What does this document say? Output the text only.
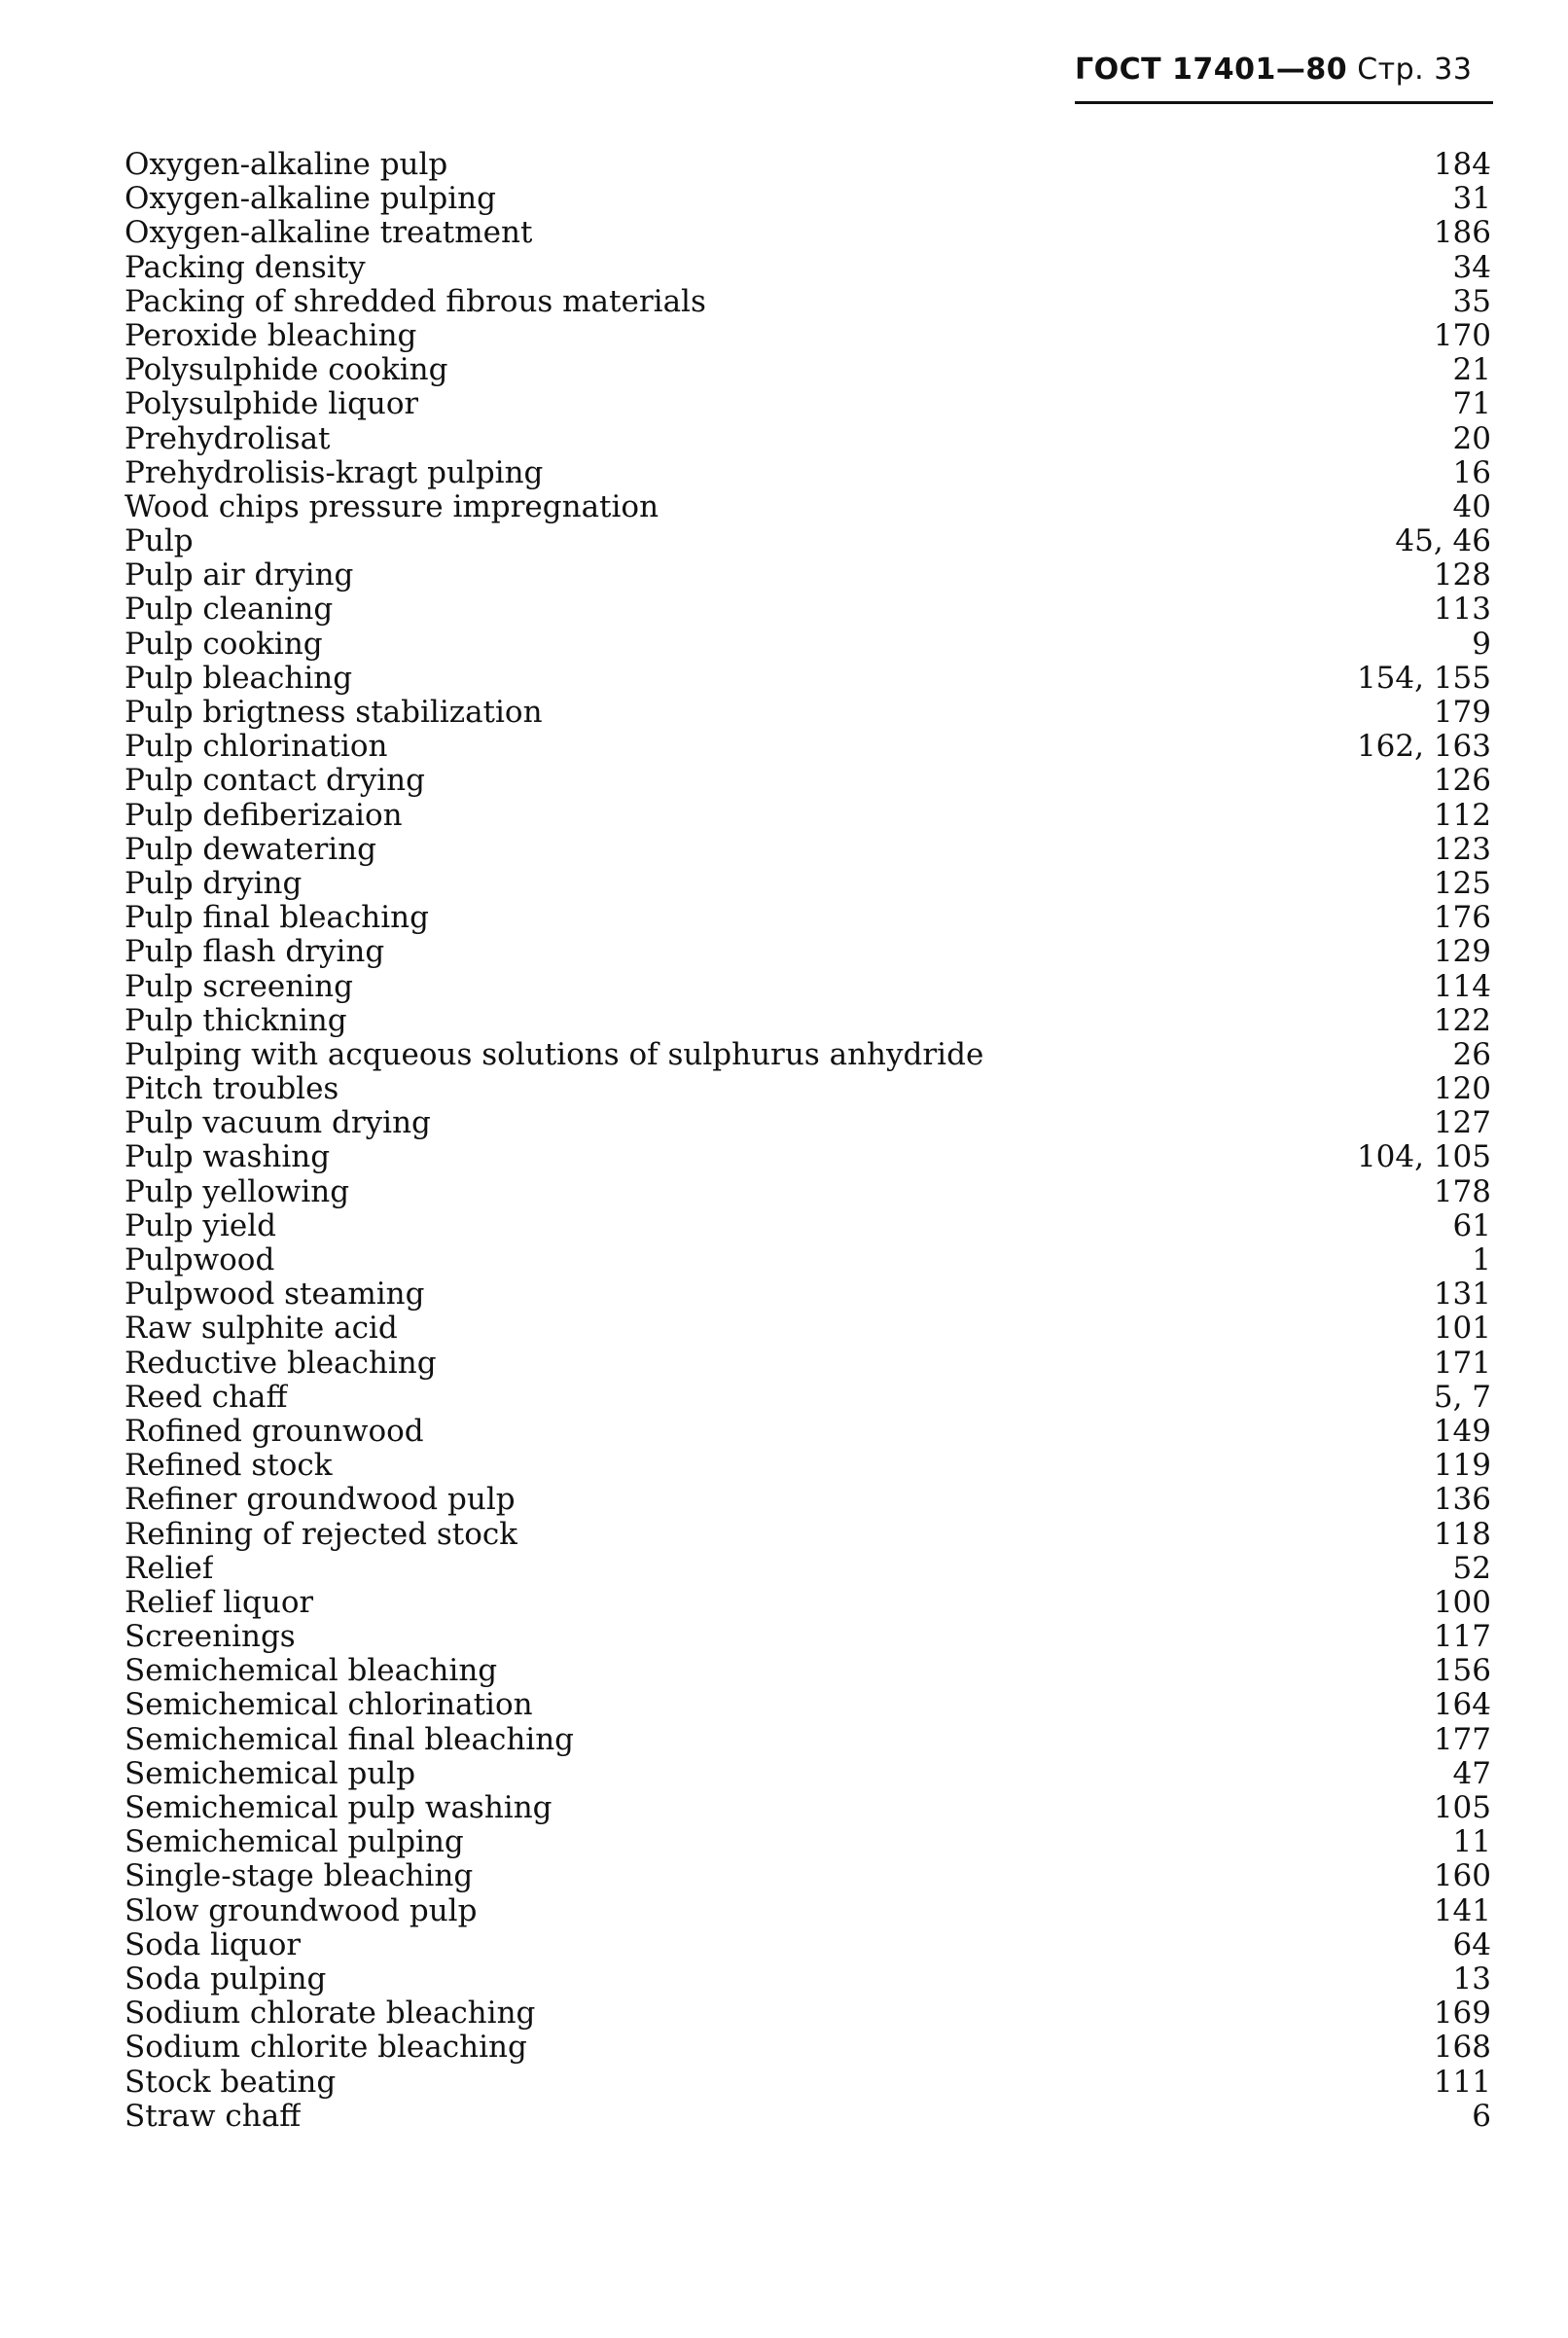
ГОСТ 17401—80 Стр. 33
Oxygen-alkaline pulp	184
Oxygen-alkaline pulping	31
Oxygen-alkaline treatment	186
Packing density	34
Packing of shredded fibrous materials	35
Peroxide bleaching	170
Polysulphide cooking	21
Polysulphide liquor	71
Prehydrolisat	20
Prehydrolisis-kragt pulping	16
Wood chips pressure impregnation	40
Pulp	45, 46
Pulp air drying	128
Pulp cleaning	113
Pulp cooking	9
Pulp bleaching	154, 155
Pulp brigtness stabilization	179
Pulp chlorination	162, 163
Pulp contact drying	126
Pulp defiberizaion	112
Pulp dewatering	123
Pulp drying	125
Pulp final bleaching	176
Pulp flash drying	129
Pulp screening	114
Pulp thickning	122
Pulping with acqueous solutions of sulphurus anhydride	26
Pitch troubles	120
Pulp vacuum drying	127
Pulp washing	104, 105
Pulp yellowing	178
Pulp yield	61
Pulpwood	1
Pulpwood steaming	131
Raw sulphite acid	101
Reductive bleaching	171
Reed chaff	5, 7
Rofined grounwood	149
Refined stock	119
Refiner groundwood pulp	136
Refining of rejected stock	118
Relief	52
Relief liquor	100
Screenings	117
Semichemical bleaching	156
Semichemical chlorination	164
Semichemical final bleaching	177
Semichemical pulp	47
Semichemical pulp washing	105
Semichemical pulping	11
Single-stage bleaching	160
Slow groundwood pulp	141
Soda liquor	64
Soda pulping	13
Sodium chlorate bleaching	169
Sodium chlorite bleaching	168
Stock beating	111
Straw chaff	6
